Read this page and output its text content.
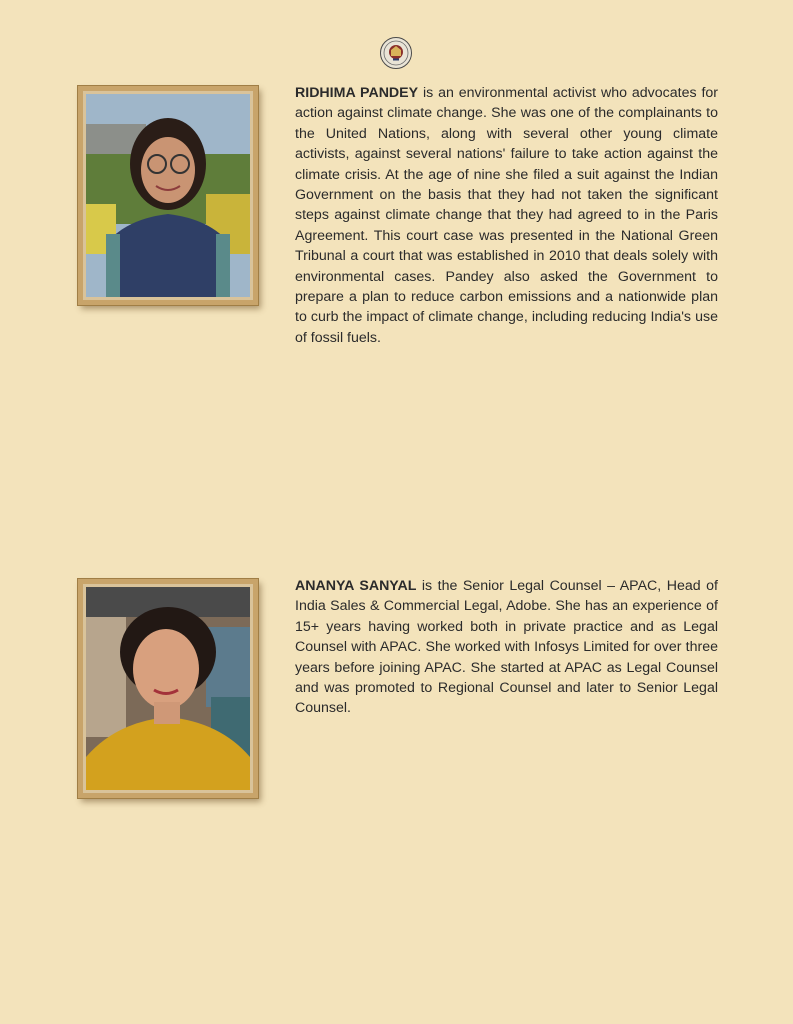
RIDHIMA PANDEY is an environmental activist who advocates for action against climate change. She was one of the complainants to the United Nations, along with several other young climate activists, against several nations' failure to take action against the climate crisis. At the age of nine she filed a suit against the Indian Government on the basis that they had not taken the significant steps against climate change that they had agreed to in the Paris Agreement. This court case was presented in the National Green Tribunal a court that was established in 2010 that deals solely with environmental cases. Pandey also asked the Government to prepare a plan to reduce carbon emissions and a nationwide plan to curb the impact of climate change, including reducing India's use of fossil fuels.

ANANYA SANYAL is the Senior Legal Counsel – APAC, Head of India Sales & Commercial Legal, Adobe. She has an experience of 15+ years having worked both in private practice and as Legal Counsel with APAC. She worked with Infosys Limited for over three years before joining APAC. She started at APAC as Legal Counsel and was promoted to Regional Counsel and later to Senior Legal Counsel.
